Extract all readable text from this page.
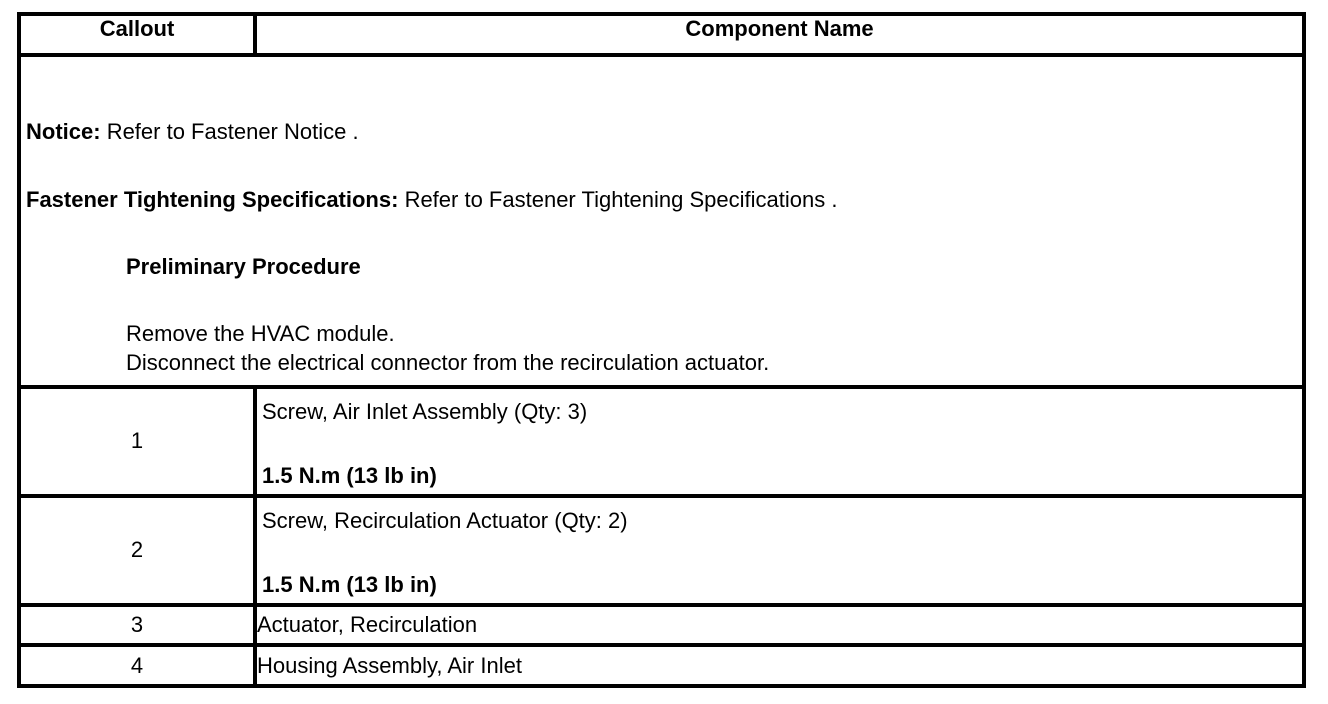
Callout	Component Name

Notice: Refer to Fastener Notice .
Fastener Tightening Specifications: Refer to Fastener Tightening Specifications .
Preliminary Procedure
Remove the HVAC module.
Disconnect the electrical connector from the recirculation actuator.	

1	Screw, Air Inlet Assembly (Qty: 3)
1.5 N.m (13 lb in)

2	Screw, Recirculation Actuator (Qty: 2)
1.5 N.m (13 lb in)

3	Actuator, Recirculation
4	Housing Assembly, Air Inlet
